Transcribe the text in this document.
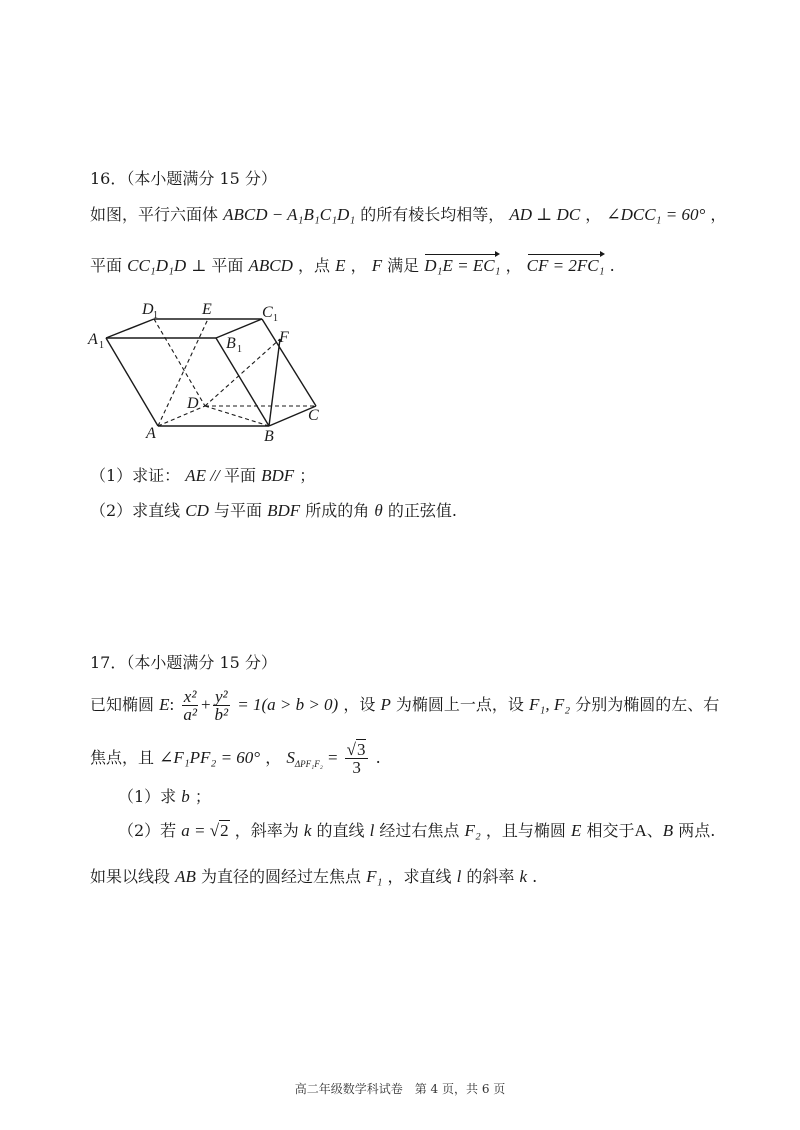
16．（本小题满分 15 分）
如图，平行六面体 ABCD − A₁B₁C₁D₁ 的所有棱长均相等， AD ⊥ DC ， ∠DCC₁ = 60° ，
平面 CC₁D₁D ⊥ 平面 ABCD ，点 E ， F 满足 D₁E = EC₁ ， CF = 2FC₁ .
D 1	E	C 1
A 1	B 1
F
D
C
A	B
（1）求证： AE // 平面 BDF ；
（2）求直线 CD 与平面 BDF 所成的角 θ 的正弦值.
17．（本小题满分 15 分）
已知椭圆 E: $\frac{\text{x²}}{\text{a²}} + \frac{\text{y²}}{\text{b²}} = 1(a > b > 0)$ ，设 P 为椭圆上一点，设 F₁, F₂ 分别为椭圆的左、右
焦点，且 ∠F₁PF₂ = 60° ， $S_{\Delta PF_1F_2} = \frac{√3}{3}$ .
（1）求 b ；
（2）若 a = √2 ，斜率为 k 的直线 l 经过右焦点 F₂ ，且与椭圆 E 相交于A、B 两点.
如果以线段 AB 为直径的圆经过左焦点 F₁ ，求直线 l 的斜率 k .
高二年级数学科试卷　第 4 页，共 6 页
